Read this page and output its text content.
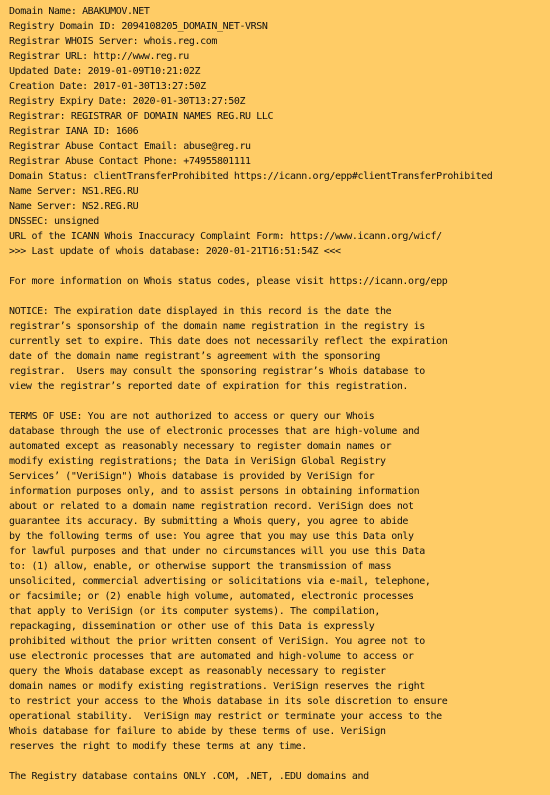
Domain Name: ABAKUMOV.NET
Registry Domain ID: 2094108205_DOMAIN_NET-VRSN
Registrar WHOIS Server: whois.reg.com
Registrar URL: http://www.reg.ru
Updated Date: 2019-01-09T10:21:02Z
Creation Date: 2017-01-30T13:27:50Z
Registry Expiry Date: 2020-01-30T13:27:50Z
Registrar: REGISTRAR OF DOMAIN NAMES REG.RU LLC
Registrar IANA ID: 1606
Registrar Abuse Contact Email: abuse@reg.ru
Registrar Abuse Contact Phone: +74955801111
Domain Status: clientTransferProhibited https://icann.org/epp#clientTransferProhibited
Name Server: NS1.REG.RU
Name Server: NS2.REG.RU
DNSSEC: unsigned
URL of the ICANN Whois Inaccuracy Complaint Form: https://www.icann.org/wicf/
>>> Last update of whois database: 2020-01-21T16:51:54Z <<<
For more information on Whois status codes, please visit https://icann.org/epp
NOTICE: The expiration date displayed in this record is the date the
registrar’s sponsorship of the domain name registration in the registry is
currently set to expire. This date does not necessarily reflect the expiration
date of the domain name registrant’s agreement with the sponsoring
registrar.  Users may consult the sponsoring registrar’s Whois database to
view the registrar’s reported date of expiration for this registration.
TERMS OF USE: You are not authorized to access or query our Whois
database through the use of electronic processes that are high-volume and
automated except as reasonably necessary to register domain names or
modify existing registrations; the Data in VeriSign Global Registry
Services’ ("VeriSign") Whois database is provided by VeriSign for
information purposes only, and to assist persons in obtaining information
about or related to a domain name registration record. VeriSign does not
guarantee its accuracy. By submitting a Whois query, you agree to abide
by the following terms of use: You agree that you may use this Data only
for lawful purposes and that under no circumstances will you use this Data
to: (1) allow, enable, or otherwise support the transmission of mass
unsolicited, commercial advertising or solicitations via e-mail, telephone,
or facsimile; or (2) enable high volume, automated, electronic processes
that apply to VeriSign (or its computer systems). The compilation,
repackaging, dissemination or other use of this Data is expressly
prohibited without the prior written consent of VeriSign. You agree not to
use electronic processes that are automated and high-volume to access or
query the Whois database except as reasonably necessary to register
domain names or modify existing registrations. VeriSign reserves the right
to restrict your access to the Whois database in its sole discretion to ensure
operational stability.  VeriSign may restrict or terminate your access to the
Whois database for failure to abide by these terms of use. VeriSign
reserves the right to modify these terms at any time.
The Registry database contains ONLY .COM, .NET, .EDU domains and
